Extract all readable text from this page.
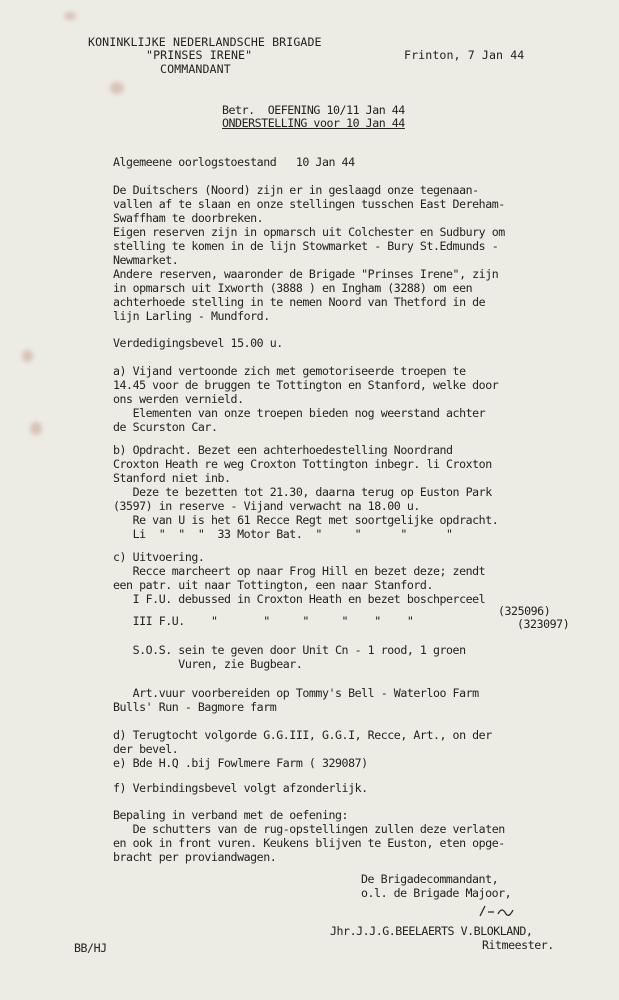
KONINKLIJKE NEDERLANDSCHE BRIGADE
"PRINSES IRENE"
COMMANDANT
Frinton, 7 Jan 44
Betr.  OEFENING 10/11 Jan 44
ONDERSTELLING voor 10 Jan 44
Algemeene oorlogstoestand   10 Jan 44
De Duitschers (Noord) zijn er in geslaagd onze tegenaan-
vallen af te slaan en onze stellingen tusschen East Dereham-
Swaffham te doorbreken.
Eigen reserven zijn in opmarsch uit Colchester en Sudbury om
stelling te komen in de lijn Stowmarket - Bury St.Edmunds -
Newmarket.
Andere reserven, waaronder de Brigade "Prinses Irene", zijn
in opmarsch uit Ixworth (3888 ) en Ingham (3288) om een
achterhoede stelling in te nemen Noord van Thetford in de
lijn Larling - Mundford.
Verdedigingsbevel 15.00 u.
a) Vijand vertoonde zich met gemotoriseerde troepen te
14.45 voor de bruggen te Tottington en Stanford, welke door
ons werden vernield.
Elementen van onze troepen bieden nog weerstand achter
de Scurston Car.
b) Opdracht. Bezet een achterhoedestelling Noordrand
Croxton Heath re weg Croxton Tottington inbegr. li Croxton
Stanford niet inb.
Deze te bezetten tot 21.30, daarna terug op Euston Park
(3597) in reserve - Vijand verwacht na 18.00 u.
Re van U is het 61 Recce Regt met soortgelijke opdracht.
Li  "  "  "  33 Motor Bat.  "     "      "      "
c) Uitvoering.
Recce marcheert op naar Frog Hill en bezet deze; zendt
een patr. uit naar Tottington, een naar Stanford.
I F.U. debussed in Croxton Heath en bezet boschperceel
III F.U.    "       "     "     "    "    "
(325096)
(323097)
S.O.S. sein te geven door Unit Cn - 1 rood, 1 groen
Vuren, zie Bugbear.
Art.vuur voorbereiden op Tommy's Bell - Waterloo Farm
Bulls' Run - Bagmore farm
d) Terugtocht volgorde G.G.III, G.G.I, Recce, Art., on der
der bevel.
e) Bde H.Q .bij Fowlmere Farm ( 329087)
f) Verbindingsbevel volgt afzonderlijk.
Bepaling in verband met de oefening:
De schutters van de rug-opstellingen zullen deze verlaten
en ook in front vuren. Keukens blijven te Euston, eten opge-
bracht per proviandwagen.
De Brigadecommandant,
o.l. de Brigade Majoor,
Jhr.J.J.G.BEELAERTS V.BLOKLAND,
Ritmeester.
BB/HJ
